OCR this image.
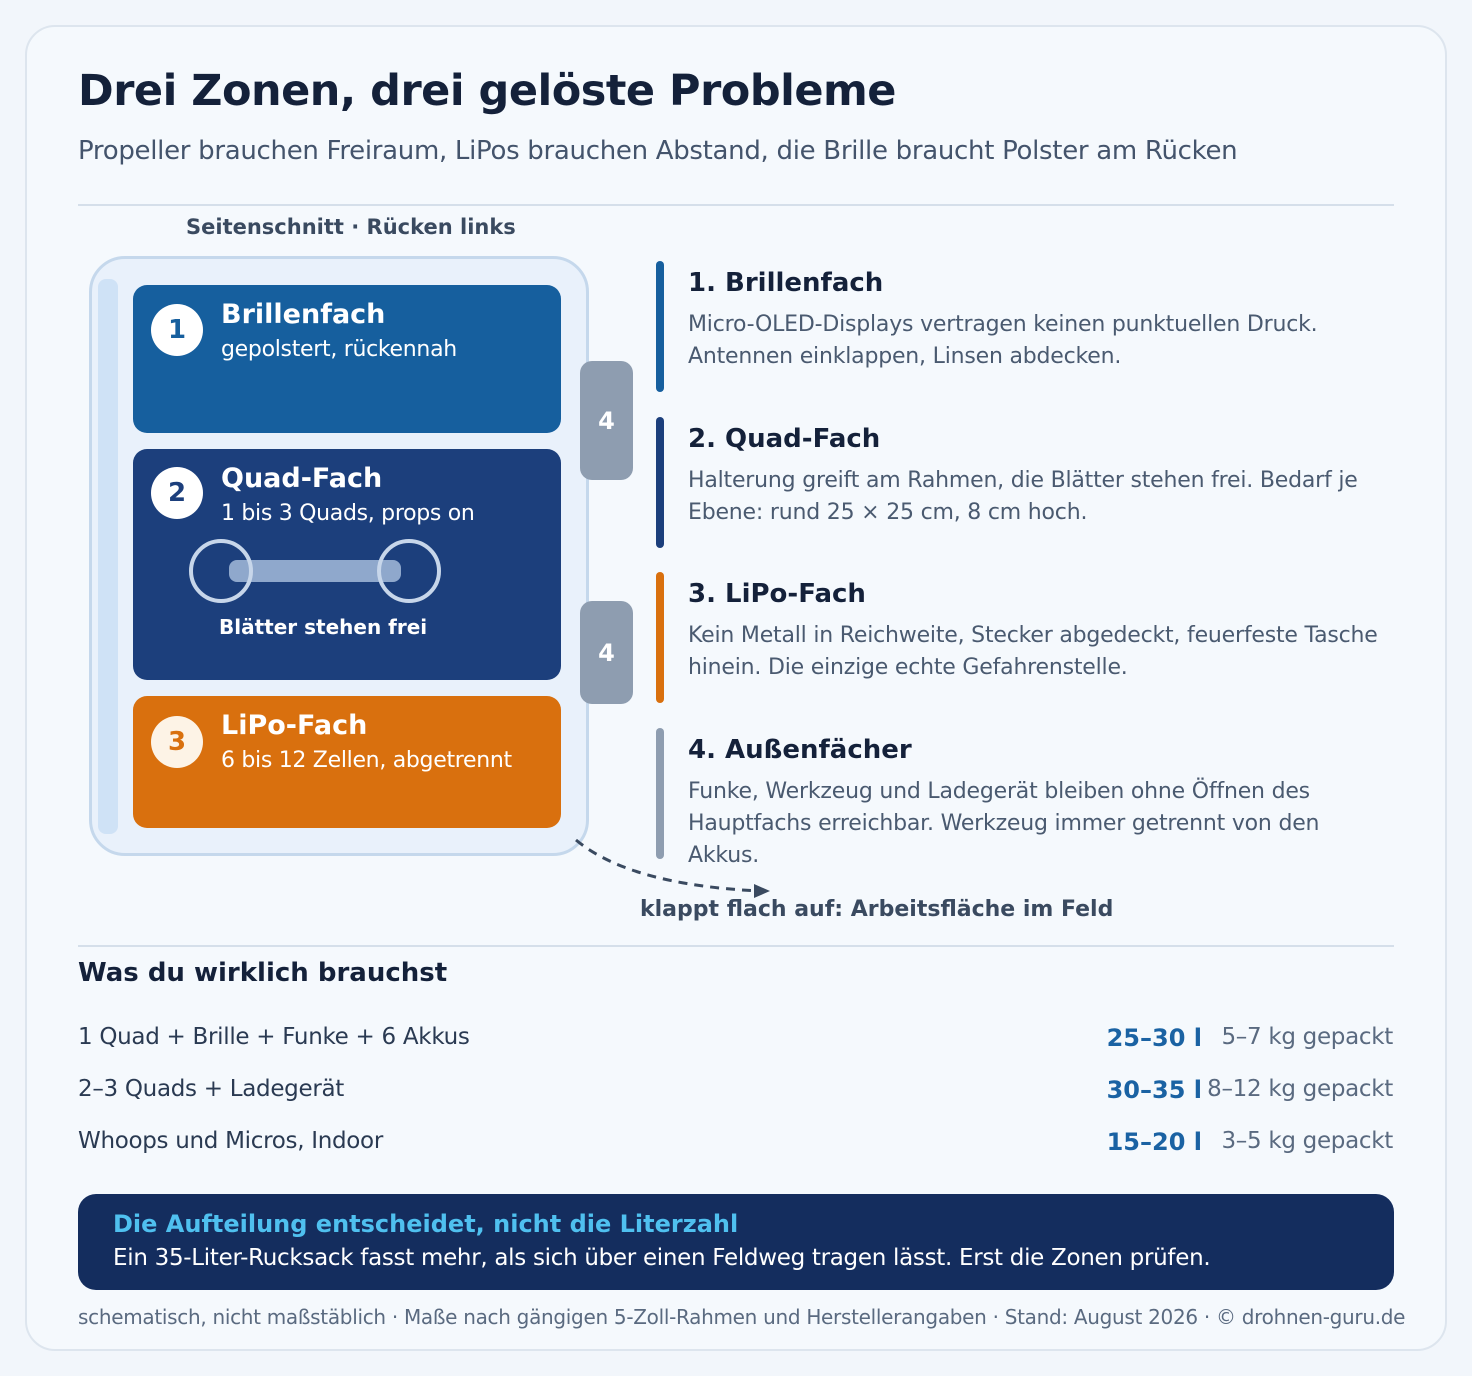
Drei Zonen, drei gelöste Probleme
Propeller brauchen Freiraum, LiPos brauchen Abstand, die Brille braucht Polster am Rücken
Seitenschnitt · Rücken links
1	Brillenfach
gepolstert, rückennah
2	Quad-Fach
1 bis 3 Quads, props on
Blätter stehen frei
3
LiPo-Fach
6 bis 12 Zellen, abgetrennt
4
4
klappt flach auf: Arbeitsfläche im Feld
1. Brillenfach
Micro-OLED-Displays vertragen keinen punktuellen Druck. Antennen einklappen, Linsen abdecken.
2. Quad-Fach
Halterung greift am Rahmen, die Blätter stehen frei. Bedarf je Ebene: rund 25 × 25 cm, 8 cm hoch.
3. LiPo-Fach
Kein Metall in Reichweite, Stecker abgedeckt, feuerfeste Tasche hinein. Die einzige echte Gefahrenstelle.
4. Außenfächer
Funke, Werkzeug und Ladegerät bleiben ohne Öffnen des Hauptfachs erreichbar. Werkzeug immer getrennt von den Akkus.
Was du wirklich brauchst
1 Quad + Brille + Funke + 6 Akkus	25–30 l 5–7 kg gepackt
2–3 Quads + Ladegerät	30–35 l 8–12 kg gepackt
Whoops und Micros, Indoor	15–20 l 3–5 kg gepackt
Die Aufteilung entscheidet, nicht die Literzahl
Ein 35-Liter-Rucksack fasst mehr, als sich über einen Feldweg tragen lässt. Erst die Zonen prüfen.
schematisch, nicht maßstäblich · Maße nach gängigen 5-Zoll-Rahmen und Herstellerangaben · Stand: August 2026 · © drohnen-guru.de
